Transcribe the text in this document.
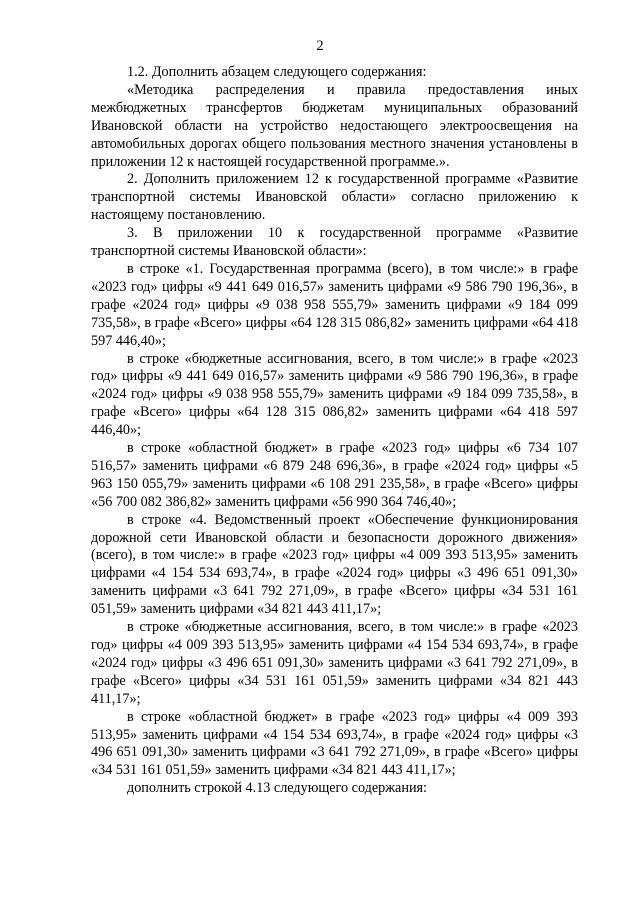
2

1.2. Дополнить абзацем следующего содержания:

«Методика распределения и правила предоставления иных межбюджетных трансфертов бюджетам муниципальных образований Ивановской области на устройство недостающего электроосвещения на автомобильных дорогах общего пользования местного значения установлены в приложении 12 к настоящей государственной программе.».

2. Дополнить приложением 12 к государственной программе «Развитие транспортной системы Ивановской области» согласно приложению к настоящему постановлению.

3. В приложении 10 к государственной программе «Развитие транспортной системы Ивановской области»:

в строке «1. Государственная программа (всего), в том числе:» в графе «2023 год» цифры «9 441 649 016,57» заменить цифрами «9 586 790 196,36», в графе «2024 год» цифры «9 038 958 555,79» заменить цифрами «9 184 099 735,58», в графе «Всего» цифры «64 128 315 086,82» заменить цифрами «64 418 597 446,40»;

в строке «бюджетные ассигнования, всего, в том числе:» в графе «2023 год» цифры «9 441 649 016,57» заменить цифрами «9 586 790 196,36», в графе «2024 год» цифры «9 038 958 555,79» заменить цифрами «9 184 099 735,58», в графе «Всего» цифры «64 128 315 086,82» заменить цифрами «64 418 597 446,40»;

в строке «областной бюджет» в графе «2023 год» цифры «6 734 107 516,57» заменить цифрами «6 879 248 696,36», в графе «2024 год» цифры «5 963 150 055,79» заменить цифрами «6 108 291 235,58», в графе «Всего» цифры «56 700 082 386,82» заменить цифрами «56 990 364 746,40»;

в строке «4. Ведомственный проект «Обеспечение функционирования дорожной сети Ивановской области и безопасности дорожного движения» (всего), в том числе:» в графе «2023 год» цифры «4 009 393 513,95» заменить цифрами «4 154 534 693,74», в графе «2024 год» цифры «3 496 651 091,30» заменить цифрами «3 641 792 271,09», в графе «Всего» цифры «34 531 161 051,59» заменить цифрами «34 821 443 411,17»;

в строке «бюджетные ассигнования, всего, в том числе:» в графе «2023 год» цифры «4 009 393 513,95» заменить цифрами «4 154 534 693,74», в графе «2024 год» цифры «3 496 651 091,30» заменить цифрами «3 641 792 271,09», в графе «Всего» цифры «34 531 161 051,59» заменить цифрами «34 821 443 411,17»;

в строке «областной бюджет» в графе «2023 год» цифры «4 009 393 513,95» заменить цифрами «4 154 534 693,74», в графе «2024 год» цифры «3 496 651 091,30» заменить цифрами «3 641 792 271,09», в графе «Всего» цифры «34 531 161 051,59» заменить цифрами «34 821 443 411,17»;

дополнить строкой 4.13 следующего содержания:
